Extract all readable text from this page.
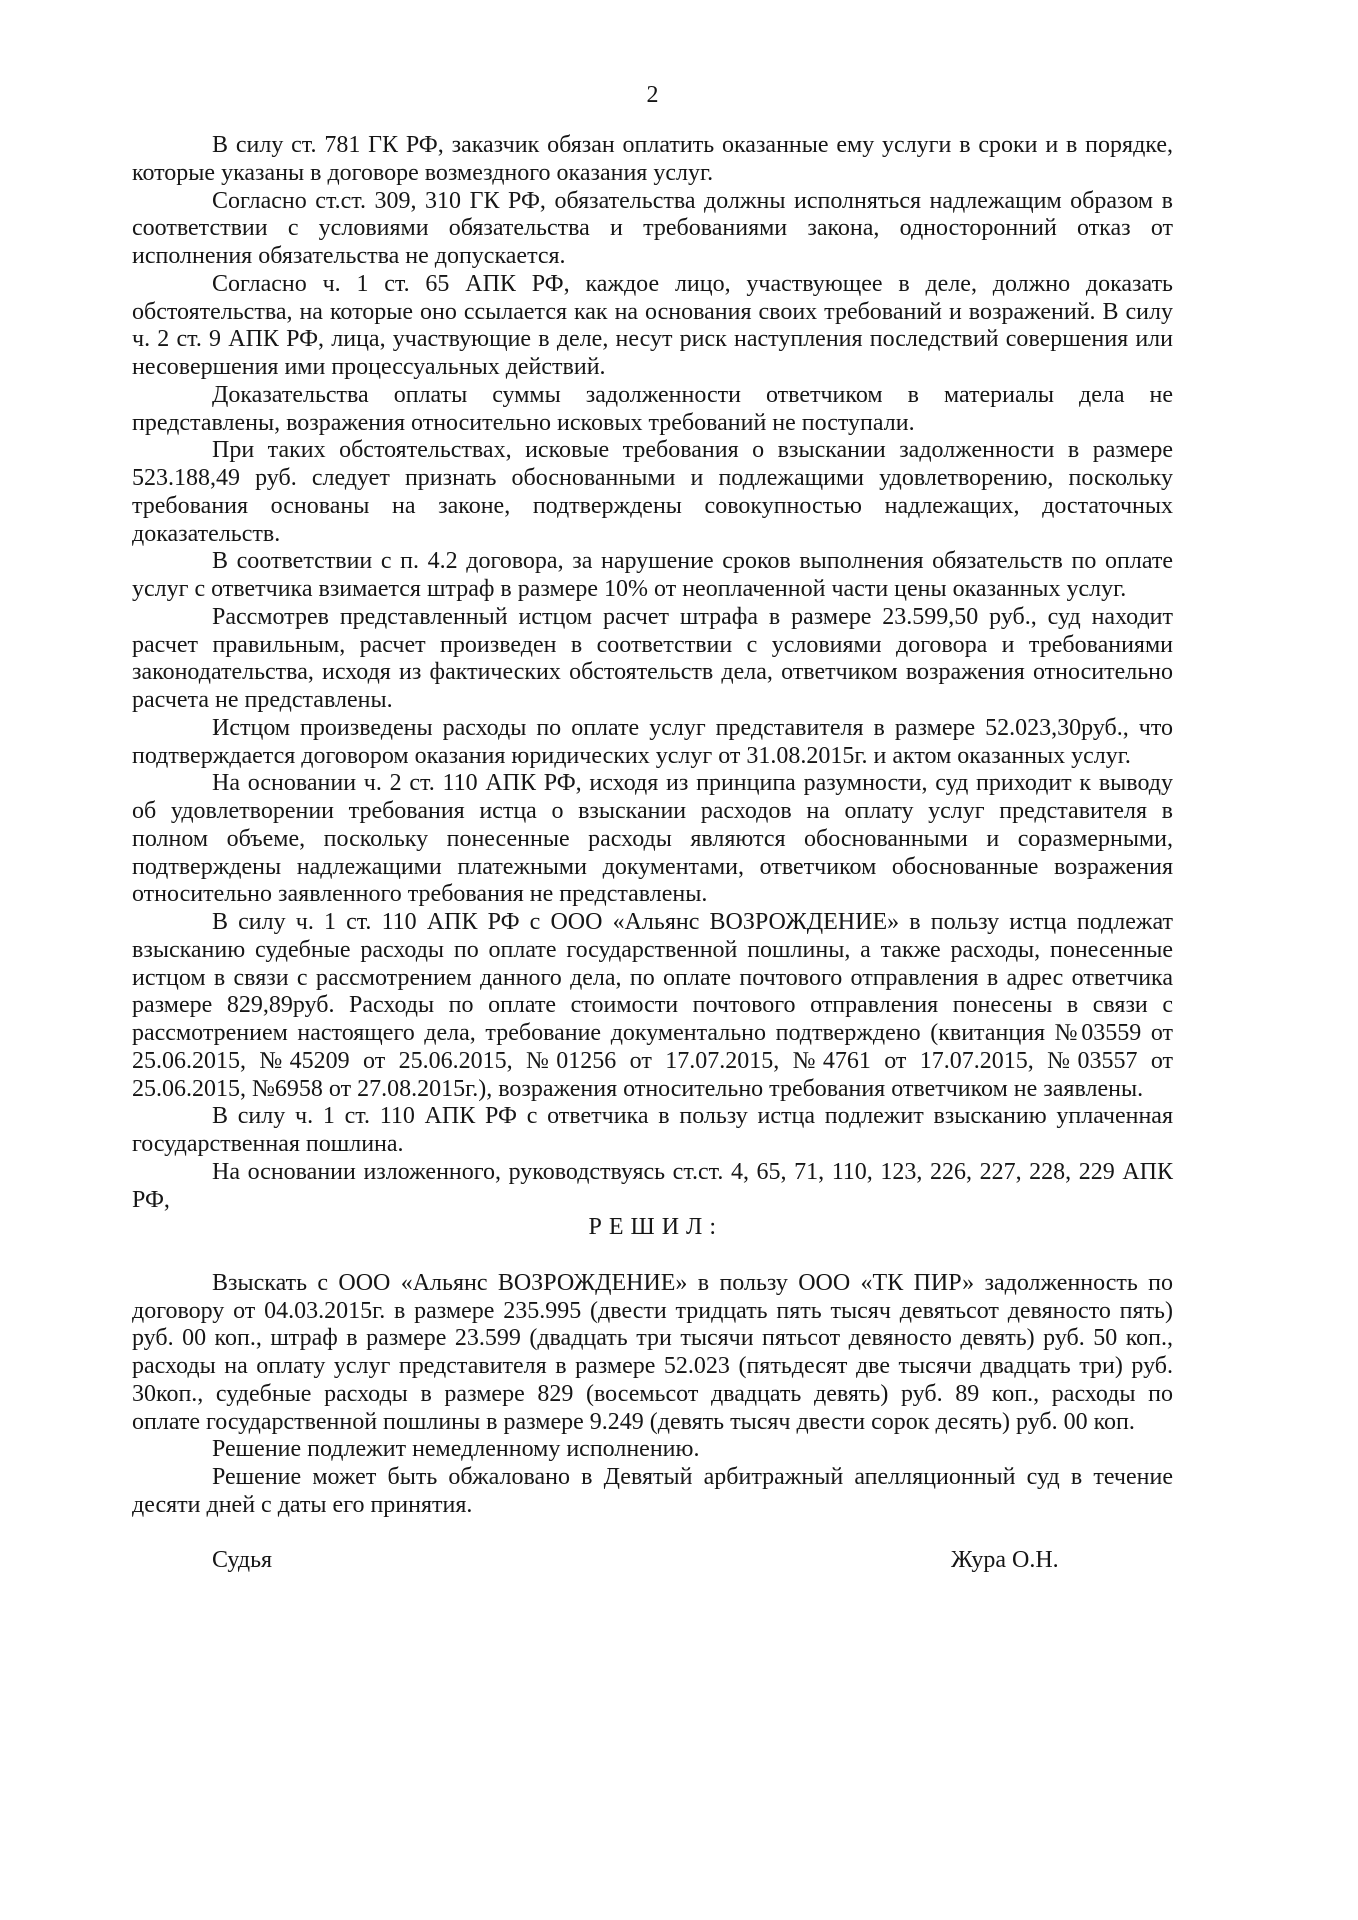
2
В силу ст. 781 ГК РФ, заказчик обязан оплатить оказанные ему услуги в сроки и в порядке,
которые указаны в договоре возмездного оказания услуг.
Согласно ст.ст. 309, 310 ГК РФ, обязательства должны исполняться надлежащим образом в
соответствии с условиями обязательства и требованиями закона, односторонний отказ от
исполнения обязательства не допускается.
Согласно ч. 1 ст. 65 АПК РФ, каждое лицо, участвующее в деле, должно доказать
обстоятельства, на которые оно ссылается как на основания своих требований и возражений. В силу
ч. 2 ст. 9 АПК РФ, лица, участвующие в деле, несут риск наступления последствий совершения или
несовершения ими процессуальных действий.
Доказательства оплаты суммы задолженности ответчиком в материалы дела не
представлены, возражения относительно исковых требований не поступали.
При таких обстоятельствах, исковые требования о взыскании задолженности в размере
523.188,49 руб. следует признать обоснованными и подлежащими удовлетворению, поскольку
требования основаны на законе, подтверждены совокупностью надлежащих, достаточных
доказательств.
В соответствии с п. 4.2 договора, за нарушение сроков выполнения обязательств по оплате
услуг с ответчика взимается штраф в размере 10% от неоплаченной части цены оказанных услуг.
Рассмотрев представленный истцом расчет штрафа в размере 23.599,50 руб., суд находит
расчет правильным, расчет произведен в соответствии с условиями договора и требованиями
законодательства, исходя из фактических обстоятельств дела, ответчиком возражения относительно
расчета не представлены.
Истцом произведены расходы по оплате услуг представителя в размере 52.023,30руб., что
подтверждается договором оказания юридических услуг от 31.08.2015г. и актом оказанных услуг.
На основании ч. 2 ст. 110 АПК РФ, исходя из принципа разумности, суд приходит к выводу
об удовлетворении требования истца о взыскании расходов на оплату услуг представителя в
полном объеме, поскольку понесенные расходы являются обоснованными и соразмерными,
подтверждены надлежащими платежными документами, ответчиком обоснованные возражения
относительно заявленного требования не представлены.
В силу ч. 1 ст. 110 АПК РФ с ООО «Альянс ВОЗРОЖДЕНИЕ» в пользу истца подлежат
взысканию судебные расходы по оплате государственной пошлины, а также расходы, понесенные
истцом в связи с рассмотрением данного дела, по оплате почтового отправления в адрес ответчика
размере 829,89руб. Расходы по оплате стоимости почтового отправления понесены в связи с
рассмотрением настоящего дела, требование документально подтверждено (квитанция №03559 от
25.06.2015, №45209 от 25.06.2015, №01256 от 17.07.2015, №4761 от 17.07.2015, №03557 от
25.06.2015, №6958 от 27.08.2015г.), возражения относительно требования ответчиком не заявлены.
В силу ч. 1 ст. 110 АПК РФ с ответчика в пользу истца подлежит взысканию уплаченная
государственная пошлина.
На основании изложенного, руководствуясь ст.ст. 4, 65, 71, 110, 123, 226, 227, 228, 229 АПК
РФ,
Р Е Ш И Л :
Взыскать с ООО «Альянс ВОЗРОЖДЕНИЕ» в пользу ООО «ТК ПИР» задолженность по
договору от 04.03.2015г. в размере 235.995 (двести тридцать пять тысяч девятьсот девяносто пять)
руб. 00 коп., штраф в размере 23.599 (двадцать три тысячи пятьсот девяносто девять) руб. 50 коп.,
расходы на оплату услуг представителя в размере 52.023 (пятьдесят две тысячи двадцать три) руб.
30коп., судебные расходы в размере 829 (восемьсот двадцать девять) руб. 89 коп., расходы по
оплате государственной пошлины в размере 9.249 (девять тысяч двести сорок десять) руб. 00 коп.
Решение подлежит немедленному исполнению.
Решение может быть обжаловано в Девятый арбитражный апелляционный суд в течение
десяти дней с даты его принятия.
Судья	Жура О.Н.
